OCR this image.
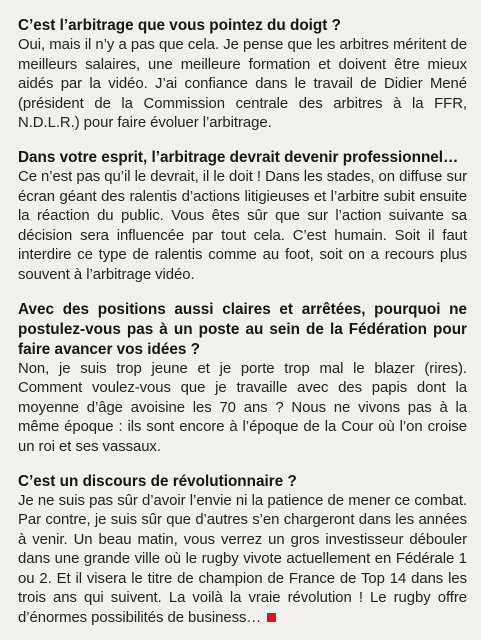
C’est l’arbitrage que vous pointez du doigt ?

Oui, mais il n’y a pas que cela. Je pense que les arbitres méritent de meilleurs salaires, une meilleure formation et doivent être mieux aidés par la vidéo. J’ai confiance dans le travail de Didier Mené (président de la Commission centrale des arbitres à la FFR, N.D.L.R.) pour faire évoluer l’arbitrage.

Dans votre esprit, l’arbitrage devrait devenir professionnel…

Ce n’est pas qu’il le devrait, il le doit ! Dans les stades, on diffuse sur écran géant des ralentis d’actions litigieuses et l’arbitre subit ensuite la réaction du public. Vous êtes sûr que sur l’action suivante sa décision sera influencée par tout cela. C’est humain. Soit il faut interdire ce type de ralentis comme au foot, soit on a recours plus souvent à l’arbitrage vidéo.

Avec des positions aussi claires et arrêtées, pourquoi ne postulez-vous pas à un poste au sein de la Fédération pour faire avancer vos idées ?

Non, je suis trop jeune et je porte trop mal le blazer (rires). Comment voulez-vous que je travaille avec des papis dont la moyenne d’âge avoisine les 70 ans ? Nous ne vivons pas à la même époque : ils sont encore à l’époque de la Cour où l’on croise un roi et ses vassaux.

C’est un discours de révolutionnaire ?

Je ne suis pas sûr d’avoir l’envie ni la patience de mener ce combat. Par contre, je suis sûr que d’autres s’en chargeront dans les années à venir. Un beau matin, vous verrez un gros investisseur débouler dans une grande ville où le rugby vivote actuellement en Fédérale 1 ou 2. Et il visera le titre de champion de France de Top 14 dans les trois ans qui suivent. La voilà la vraie révolution ! Le rugby offre d’énormes possibilités de business…
